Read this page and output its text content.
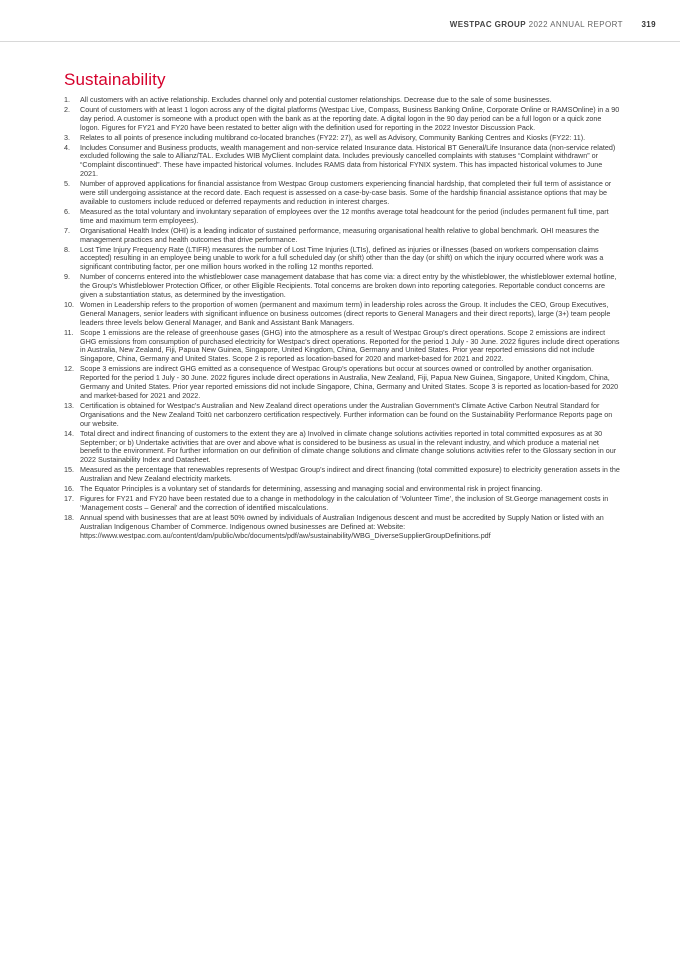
WESTPAC GROUP 2022 ANNUAL REPORT 319
Sustainability
1.	All customers with an active relationship. Excludes channel only and potential customer relationships. Decrease due to the sale of some businesses.
2.	Count of customers with at least 1 logon across any of the digital platforms (Westpac Live, Compass, Business Banking Online, Corporate Online or RAMSOnline) in a 90 day period. A customer is someone with a product open with the bank as at the reporting date. A digital logon in the 90 day period can be a full logon or a quick zone logon. Figures for FY21 and FY20 have been restated to better align with the definition used for reporting in the 2022 Investor Discussion Pack.
3.	Relates to all points of presence including multibrand co-located branches (FY22: 27), as well as Advisory, Community Banking Centres and Kiosks (FY22: 11).
4.	Includes Consumer and Business products, wealth management and non-service related Insurance data. Historical BT General/Life Insurance data (non-service related) excluded following the sale to Allianz/TAL. Excludes WIB MyClient complaint data. Includes previously cancelled complaints with statuses “Complaint withdrawn” or “Complaint discontinued”. These have impacted historical volumes. Includes RAMS data from historical FYNIX system. This has impacted historical volumes to June 2021.
5.	Number of approved applications for financial assistance from Westpac Group customers experiencing financial hardship, that completed their full term of assistance or were still undergoing assistance at the record date. Each request is assessed on a case-by-case basis. Some of the hardship financial assistance options that may be available to customers include reduced or deferred repayments and reduction in interest charges.
6.	Measured as the total voluntary and involuntary separation of employees over the 12 months average total headcount for the period (includes permanent full time, part time and maximum term employees).
7.	Organisational Health Index (OHI) is a leading indicator of sustained performance, measuring organisational health relative to global benchmark. OHI measures the management practices and health outcomes that drive performance.
8.	Lost Time Injury Frequency Rate (LTIFR) measures the number of Lost Time Injuries (LTIs), defined as injuries or illnesses (based on workers compensation claims accepted) resulting in an employee being unable to work for a full scheduled day (or shift) other than the day (or shift) on which the injury occurred where work was a significant contributing factor, per one million hours worked in the rolling 12 months reported.
9.	Number of concerns entered into the whistleblower case management database that has come via: a direct entry by the whistleblower, the whistleblower external hotline, the Group’s Whistleblower Protection Officer, or other Eligible Recipients. Total concerns are broken down into reporting categories. Reportable conduct concerns are given a substantiation status, as determined by the investigation.
10. Women in Leadership refers to the proportion of women (permanent and maximum term) in leadership roles across the Group. It includes the CEO, Group Executives, General Managers, senior leaders with significant influence on business outcomes (direct reports to General Managers and their direct reports), large (3+) team people leaders three levels below General Manager, and Bank and Assistant Bank Managers.
11. Scope 1 emissions are the release of greenhouse gases (GHG) into the atmosphere as a result of Westpac Group’s direct operations. Scope 2 emissions are indirect GHG emissions from consumption of purchased electricity for Westpac’s direct operations. Reported for the period 1 July - 30 June. 2022 figures include direct operations in Australia, New Zealand, Fiji, Papua New Guinea, Singapore, United Kingdom, China, Germany and United States. Prior year reported emissions did not include Singapore, China, Germany and United States. Scope 2 is reported as location-based for 2020 and market-based for 2021 and 2022.
12. Scope 3 emissions are indirect GHG emitted as a consequence of Westpac Group’s operations but occur at sources owned or controlled by another organisation. Reported for the period 1 July - 30 June. 2022 figures include direct operations in Australia, New Zealand, Fiji, Papua New Guinea, Singapore, United Kingdom, China, Germany and United States. Prior year reported emissions did not include Singapore, China, Germany and United States. Scope 3 is reported as location-based for 2020 and market-based for 2021 and 2022.
13. Certification is obtained for Westpac’s Australian and New Zealand direct operations under the Australian Government’s Climate Active Carbon Neutral Standard for Organisations and the New Zealand Toitū net carbonzero certification respectively. Further information can be found on the Sustainability Performance Reports page on our website.
14. Total direct and indirect financing of customers to the extent they are a) Involved in climate change solutions activities reported in total committed exposures as at 30 September; or b) Undertake activities that are over and above what is considered to be business as usual in the relevant industry, and which produce a material net benefit to the environment. For further information on our definition of climate change solutions and climate change solutions activities refer to the Glossary section in our 2022 Sustainability Index and Datasheet.
15. Measured as the percentage that renewables represents of Westpac Group’s indirect and direct financing (total committed exposure) to electricity generation assets in the Australian and New Zealand electricity markets.
16. The Equator Principles is a voluntary set of standards for determining, assessing and managing social and environmental risk in project financing.
17. Figures for FY21 and FY20 have been restated due to a change in methodology in the calculation of ‘Volunteer Time’, the inclusion of St.George management costs in ‘Management costs – General’ and the correction of identified miscalculations.
18. Annual spend with businesses that are at least 50% owned by individuals of Australian Indigenous descent and must be accredited by Supply Nation or listed with an Australian Indigenous Chamber of Commerce. Indigenous owned businesses are Defined at: Website: https://www.westpac.com.au/content/dam/public/wbc/documents/pdf/aw/sustainability/WBG_DiverseSupplierGroupDefinitions.pdf
